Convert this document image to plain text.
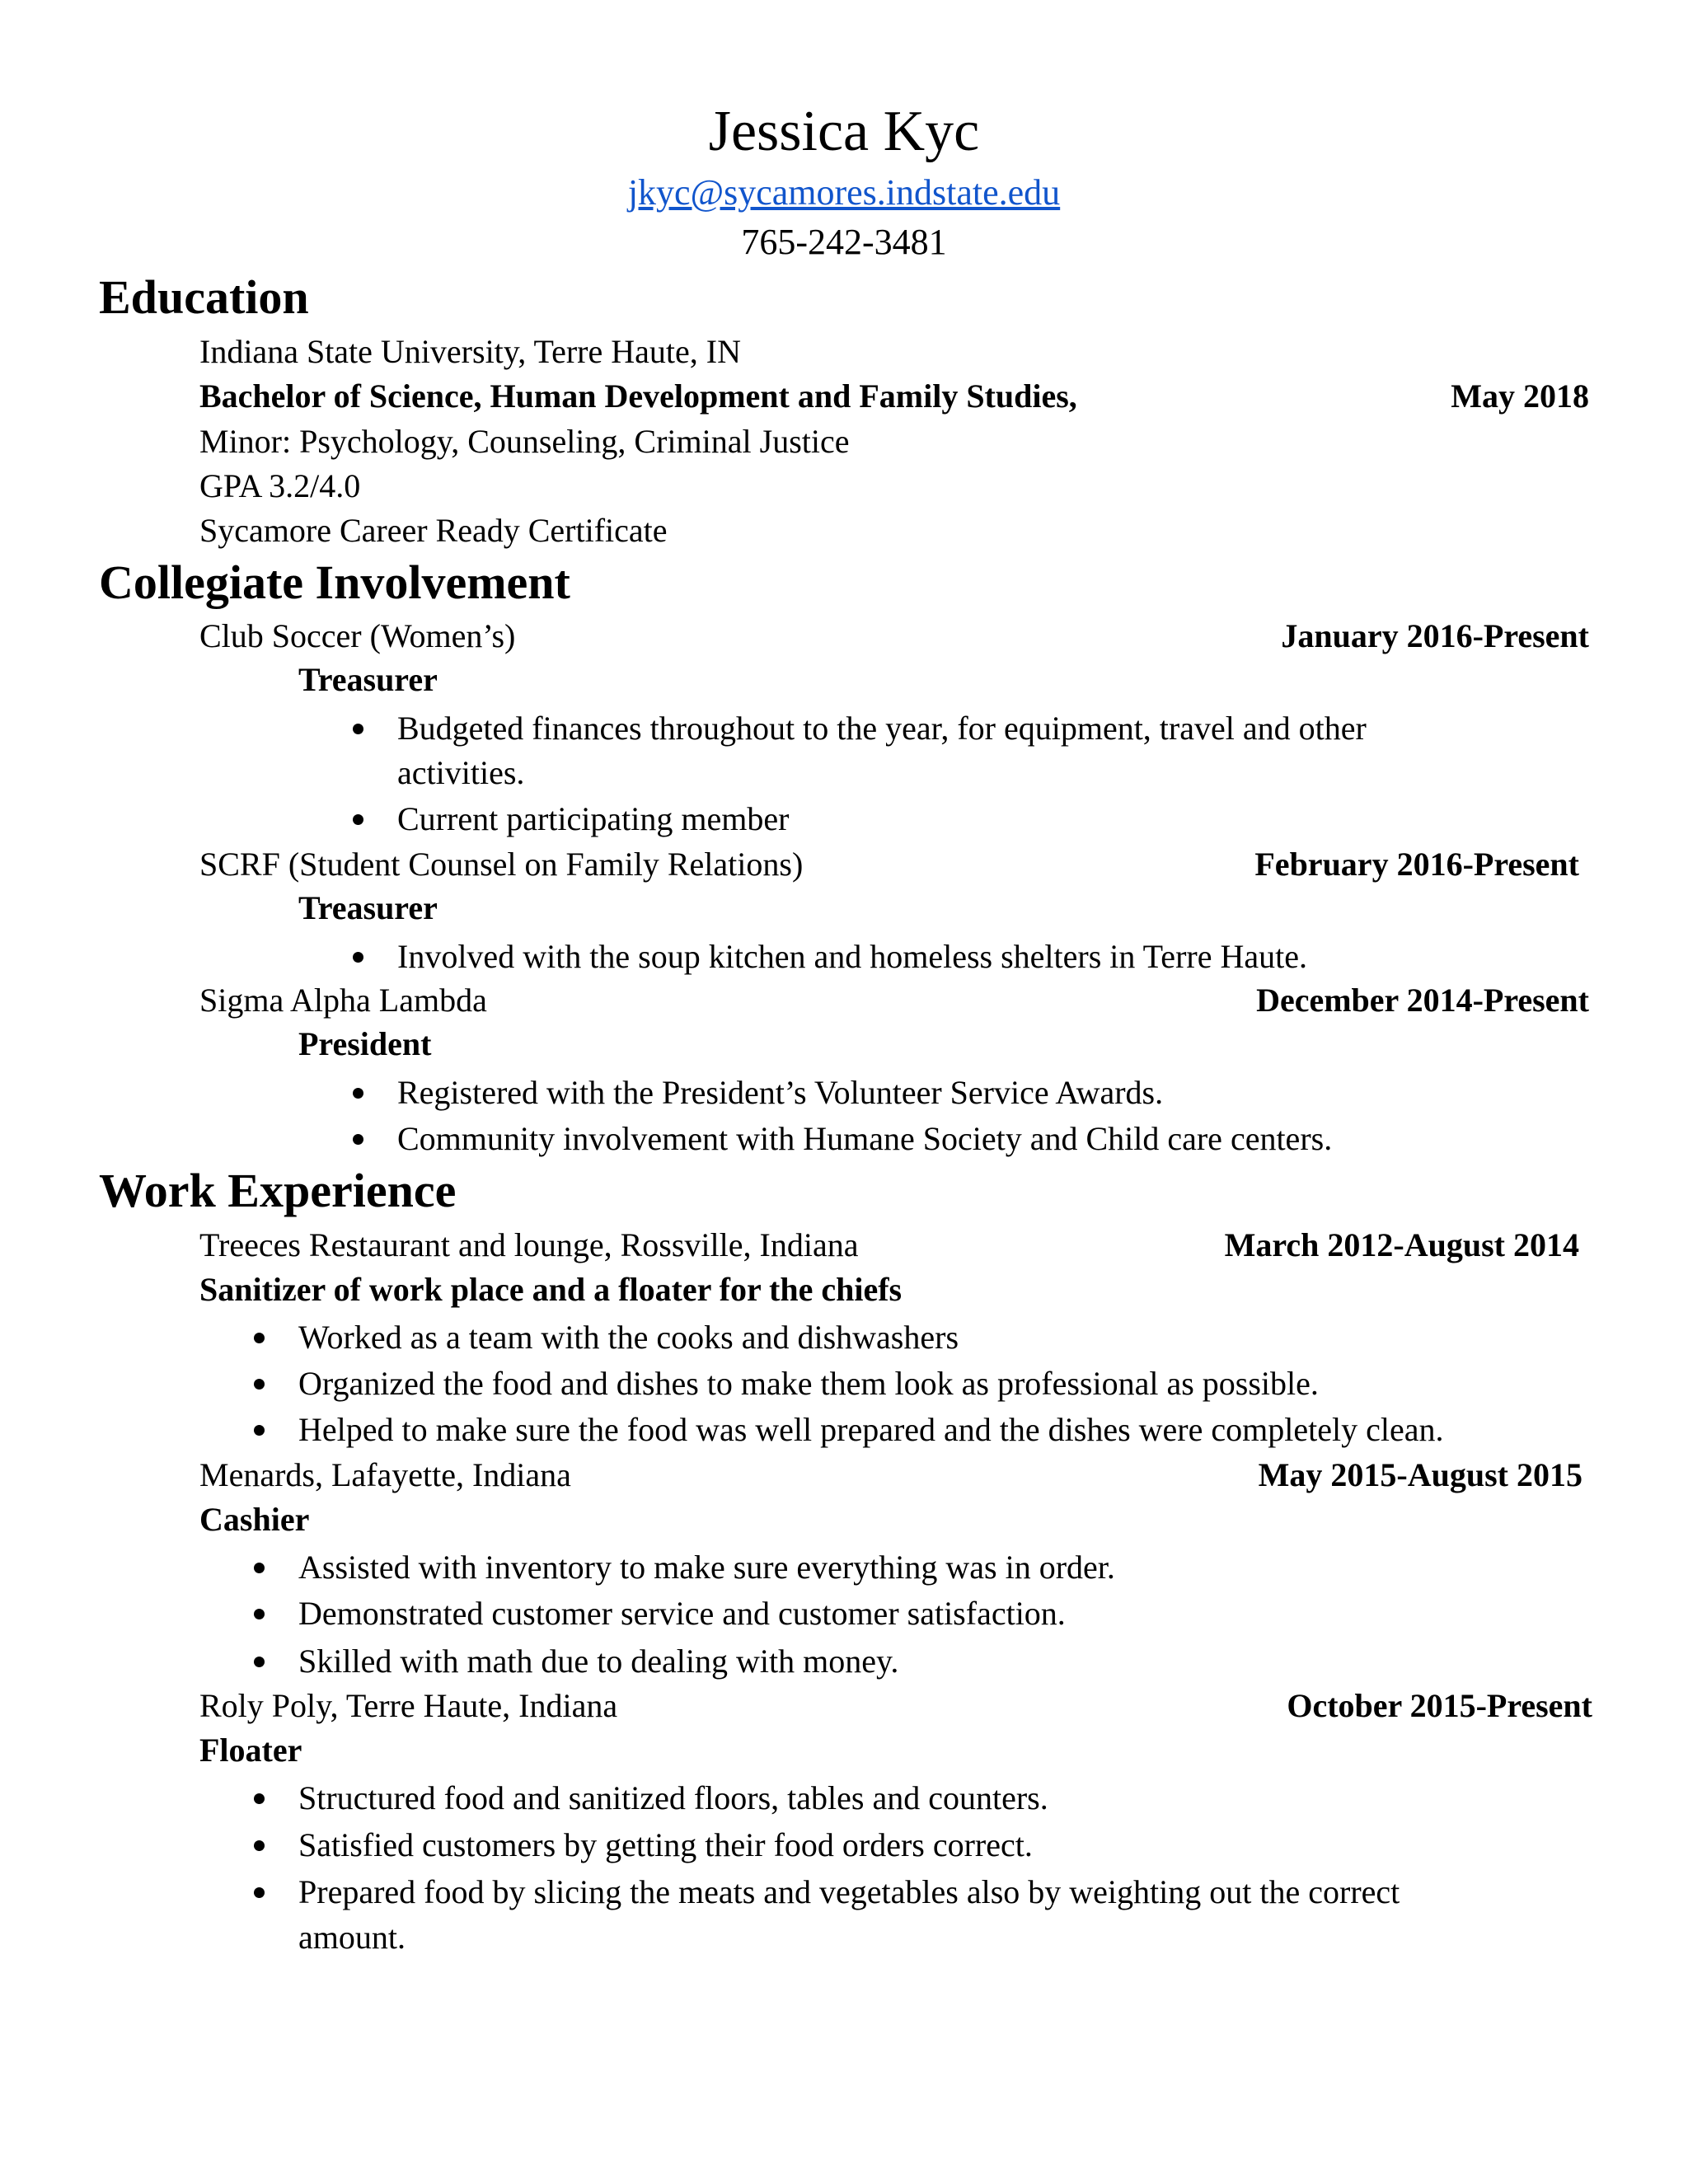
Jessica Kyc
jkyc@sycamores.indstate.edu
765-242-3481
Education
Indiana State University, Terre Haute, IN
Bachelor of Science, Human Development and Family Studies,	May 2018
Minor: Psychology, Counseling, Criminal Justice
GPA 3.2/4.0
Sycamore Career Ready Certificate
Collegiate Involvement
Club Soccer (Women’s)	January 2016-Present
Treasurer
Budgeted finances throughout to the year, for equipment, travel and other
activities.
Current participating member
SCRF (Student Counsel on Family Relations)	February 2016-Present
Treasurer
Involved with the soup kitchen and homeless shelters in Terre Haute.
Sigma Alpha Lambda	December 2014-Present
President
Registered with the President’s Volunteer Service Awards.
Community involvement with Humane Society and Child care centers.
Work Experience
Treeces Restaurant and lounge, Rossville, Indiana	March 2012-August 2014
Sanitizer of work place and a floater for the chiefs
Worked as a team with the cooks and dishwashers
Organized the food and dishes to make them look as professional as possible.
Helped to make sure the food was well prepared and the dishes were completely clean.
Menards, Lafayette, Indiana	May 2015-August 2015
Cashier
Assisted with inventory to make sure everything was in order.
Demonstrated customer service and customer satisfaction.
Skilled with math due to dealing with money.
Roly Poly, Terre Haute, Indiana	October 2015-Present
Floater
Structured food and sanitized floors, tables and counters.
Satisfied customers by getting their food orders correct.
Prepared food by slicing the meats and vegetables also by weighting out the correct
amount.
